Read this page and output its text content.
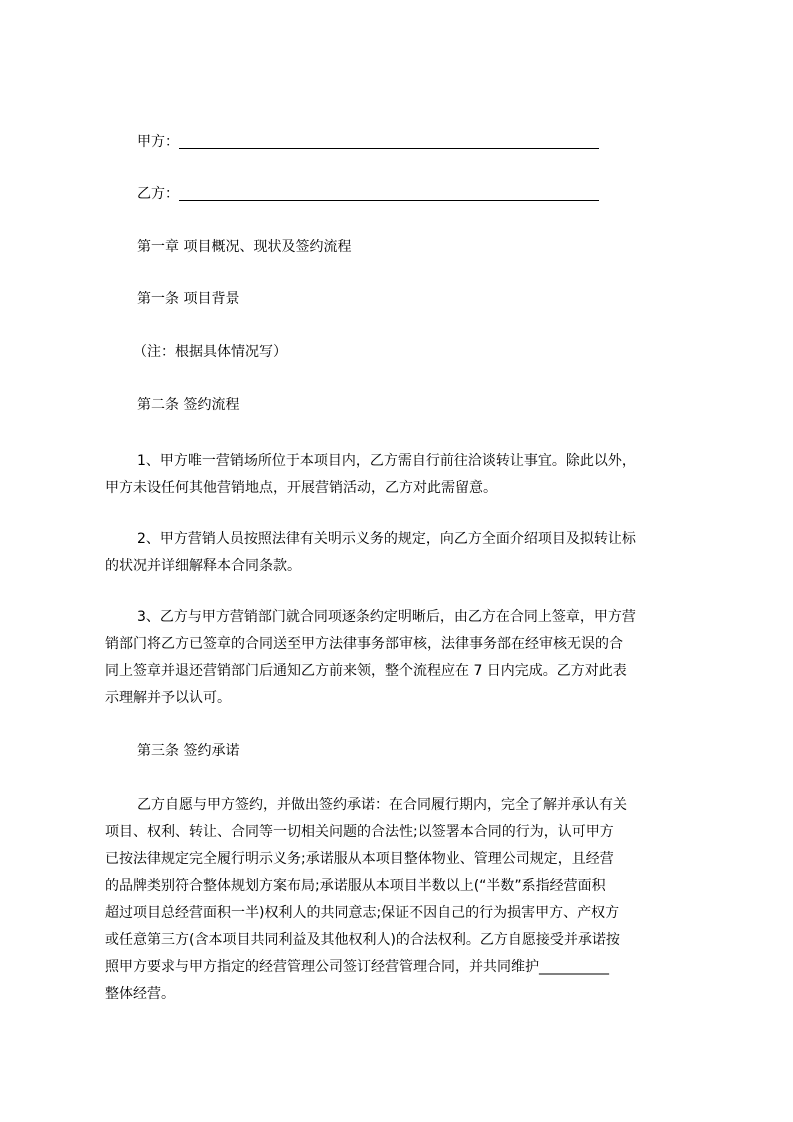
甲方：
乙方：
第一章 项目概况、现状及签约流程
第一条 项目背景
（注：根据具体情况写）
第二条 签约流程
1、甲方唯一营销场所位于本项目内，乙方需自行前往洽谈转让事宜。除此以外，
甲方未设任何其他营销地点，开展营销活动，乙方对此需留意。
2、甲方营销人员按照法律有关明示义务的规定，向乙方全面介绍项目及拟转让标
的状况并详细解释本合同条款。
3、乙方与甲方营销部门就合同项逐条约定明晰后，由乙方在合同上签章，甲方营
销部门将乙方已签章的合同送至甲方法律事务部审核，法律事务部在经审核无误的合
同上签章并退还营销部门后通知乙方前来领，整个流程应在 7 日内完成。乙方对此表
示理解并予以认可。
第三条 签约承诺
乙方自愿与甲方签约，并做出签约承诺：在合同履行期内，完全了解并承认有关
项目、权利、转让、合同等一切相关问题的合法性;以签署本合同的行为，认可甲方
已按法律规定完全履行明示义务;承诺服从本项目整体物业、管理公司规定，且经营
的品牌类别符合整体规划方案布局;承诺服从本项目半数以上(“半数”系指经营面积
超过项目总经营面积一半)权利人的共同意志;保证不因自己的行为损害甲方、产权方
或任意第三方(含本项目共同利益及其他权利人)的合法权利。乙方自愿接受并承诺按
照甲方要求与甲方指定的经营管理公司签订经营管理合同，并共同维护__________
整体经营。
